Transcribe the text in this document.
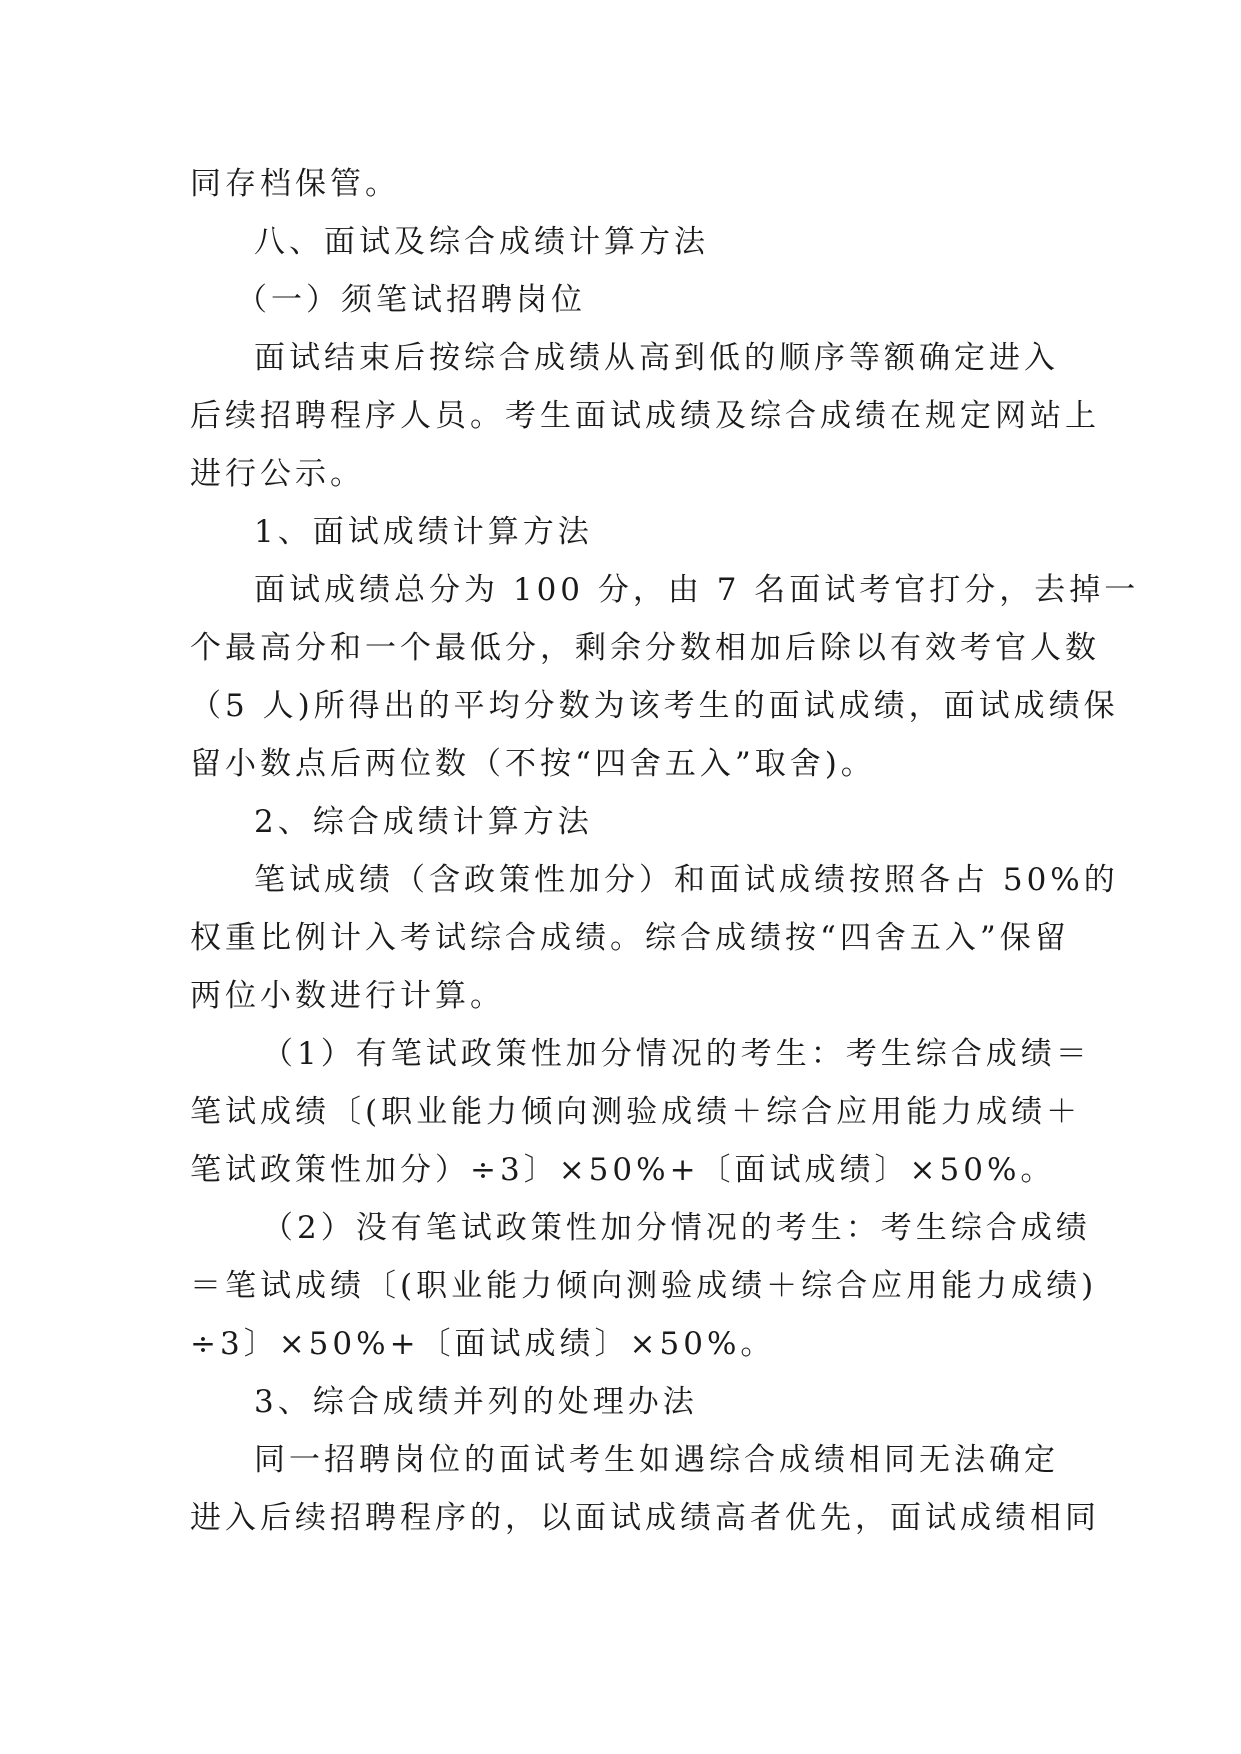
同存档保管。

八、面试及综合成绩计算方法

（一）须笔试招聘岗位

面试结束后按综合成绩从高到低的顺序等额确定进入

后续招聘程序人员。考生面试成绩及综合成绩在规定网站上

进行公示。

1、面试成绩计算方法

面试成绩总分为 100 分，由 7 名面试考官打分，去掉一

个最高分和一个最低分，剩余分数相加后除以有效考官人数

（5 人)所得出的平均分数为该考生的面试成绩，面试成绩保

留小数点后两位数（不按“四舍五入”取舍)。

2、综合成绩计算方法

笔试成绩（含政策性加分）和面试成绩按照各占 50%的

权重比例计入考试综合成绩。综合成绩按“四舍五入”保留

两位小数进行计算。

（1）有笔试政策性加分情况的考生：考生综合成绩＝

笔试成绩〔(职业能力倾向测验成绩＋综合应用能力成绩＋

笔试政策性加分）÷3〕×50%+〔面试成绩〕×50%。

（2）没有笔试政策性加分情况的考生：考生综合成绩

＝笔试成绩〔(职业能力倾向测验成绩＋综合应用能力成绩)

÷3〕×50%+〔面试成绩〕×50%。

3、综合成绩并列的处理办法

同一招聘岗位的面试考生如遇综合成绩相同无法确定

进入后续招聘程序的，以面试成绩高者优先，面试成绩相同
